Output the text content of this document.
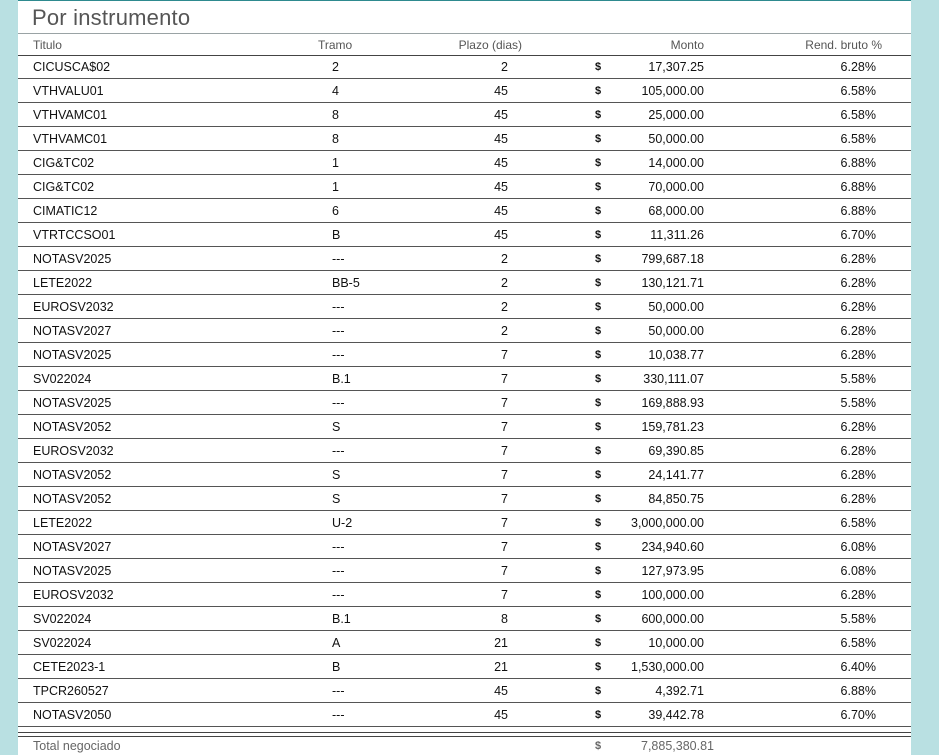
Por instrumento
Titulo	Tramo	Plazo (dias)	Monto	Rend. bruto %
CICUSCA$02	2	2	$	17,307.25	6.28%
VTHVALU01	4	45	$	105,000.00	6.58%
VTHVAMC01	8	45	$	25,000.00	6.58%
VTHVAMC01	8	45	$	50,000.00	6.58%
CIG&TC02	1	45	$	14,000.00	6.88%
CIG&TC02	1	45	$	70,000.00	6.88%
CIMATIC12	6	45	$	68,000.00	6.88%
VTRTCCSO01	B	45	$	11,311.26	6.70%
NOTASV2025	---	2	$	799,687.18	6.28%
LETE2022	BB-5	2	$	130,121.71	6.28%
EUROSV2032	---	2	$	50,000.00	6.28%
NOTASV2027	---	2	$	50,000.00	6.28%
NOTASV2025	---	7	$	10,038.77	6.28%
SV022024	B.1	7	$	330,111.07	5.58%
NOTASV2025	---	7	$	169,888.93	5.58%
NOTASV2052	S	7	$	159,781.23	6.28%
EUROSV2032	---	7	$	69,390.85	6.28%
NOTASV2052	S	7	$	24,141.77	6.28%
NOTASV2052	S	7	$	84,850.75	6.28%
LETE2022	U-2	7	$	3,000,000.00	6.58%
NOTASV2027	---	7	$	234,940.60	6.08%
NOTASV2025	---	7	$	127,973.95	6.08%
EUROSV2032	---	7	$	100,000.00	6.28%
SV022024	B.1	8	$	600,000.00	5.58%
SV022024	A	21	$	10,000.00	6.58%
CETE2023-1	B	21	$	1,530,000.00	6.40%
TPCR260527	---	45	$	4,392.71	6.88%
NOTASV2050	---	45	$	39,442.78	6.70%
Total negociado	$	7,885,380.81
